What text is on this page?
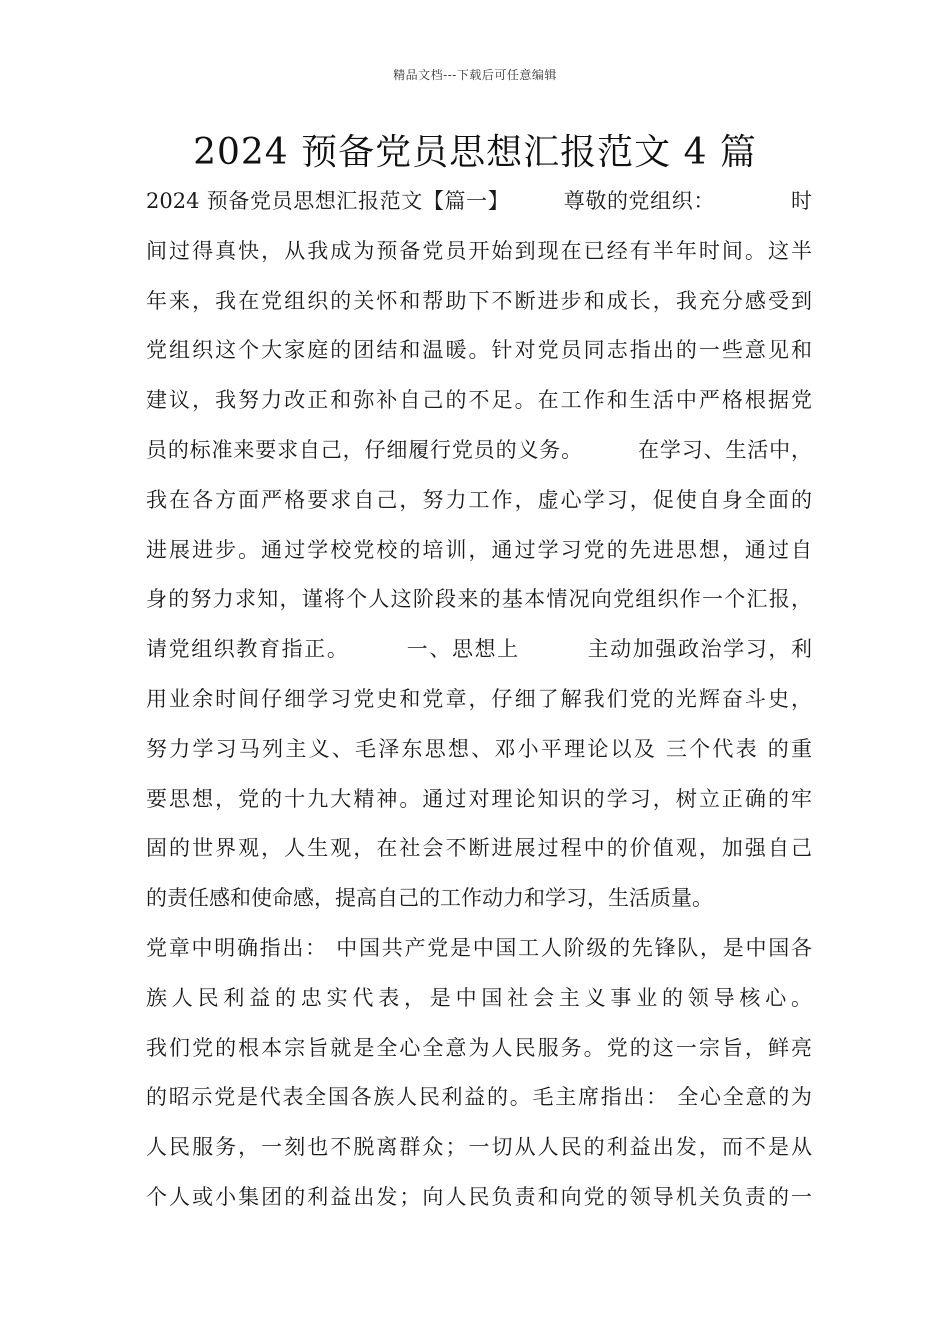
精品文档---下载后可任意编辑
2024 预备党员思想汇报范文 4 篇
2024 预备党员思想汇报范文【篇一】　　　尊敬的党组织：　　　　时
间过得真快，从我成为预备党员开始到现在已经有半年时间。这半
年来，我在党组织的关怀和帮助下不断进步和成长，我充分感受到
党组织这个大家庭的团结和温暖。针对党员同志指出的一些意见和
建议，我努力改正和弥补自己的不足。在工作和生活中严格根据党
员的标准来要求自己，仔细履行党员的义务。　　　在学习、生活中，
我在各方面严格要求自己，努力工作，虚心学习，促使自身全面的
进展进步。通过学校党校的培训，通过学习党的先进思想，通过自
身的努力求知，谨将个人这阶段来的基本情况向党组织作一个汇报，
请党组织教育指正。　　　一、思想上　　　主动加强政治学习，利
用业余时间仔细学习党史和党章，仔细了解我们党的光辉奋斗史，
努力学习马列主义、毛泽东思想、邓小平理论以及 三个代表 的重
要思想，党的十九大精神。通过对理论知识的学习，树立正确的牢
固的世界观，人生观，在社会不断进展过程中的价值观，加强自己
的责任感和使命感，提高自己的工作动力和学习，生活质量。
党章中明确指出： 中国共产党是中国工人阶级的先锋队，是中国各
族人民利益的忠实代表，是中国社会主义事业的领导核心。
我们党的根本宗旨就是全心全意为人民服务。党的这一宗旨，鲜亮
的昭示党是代表全国各族人民利益的。毛主席指出： 全心全意的为
人民服务，一刻也不脱离群众；一切从人民的利益出发，而不是从
个人或小集团的利益出发；向人民负责和向党的领导机关负责的一
